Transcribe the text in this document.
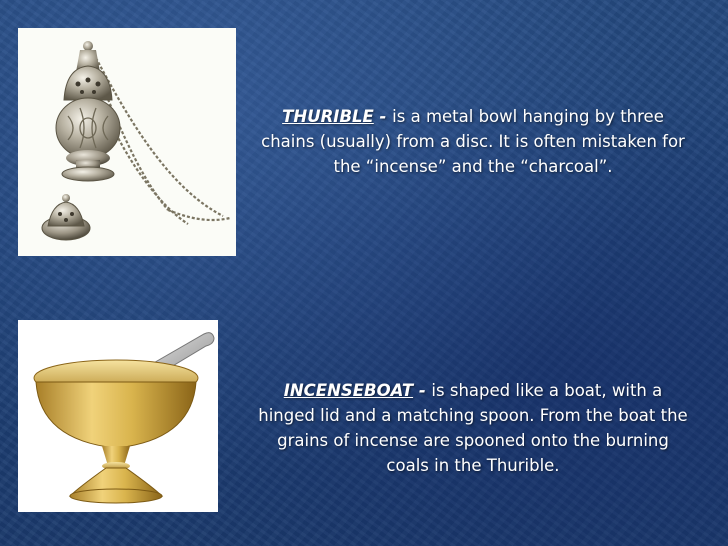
THURIBLE - is a metal bowl hanging by three chains (usually) from a disc. It is often mistaken for the “incense” and the “charcoal”.
INCENSEBOAT - is shaped like a boat, with a hinged lid and a matching spoon. From the boat the grains of incense are spooned onto the burning coals in the Thurible.
